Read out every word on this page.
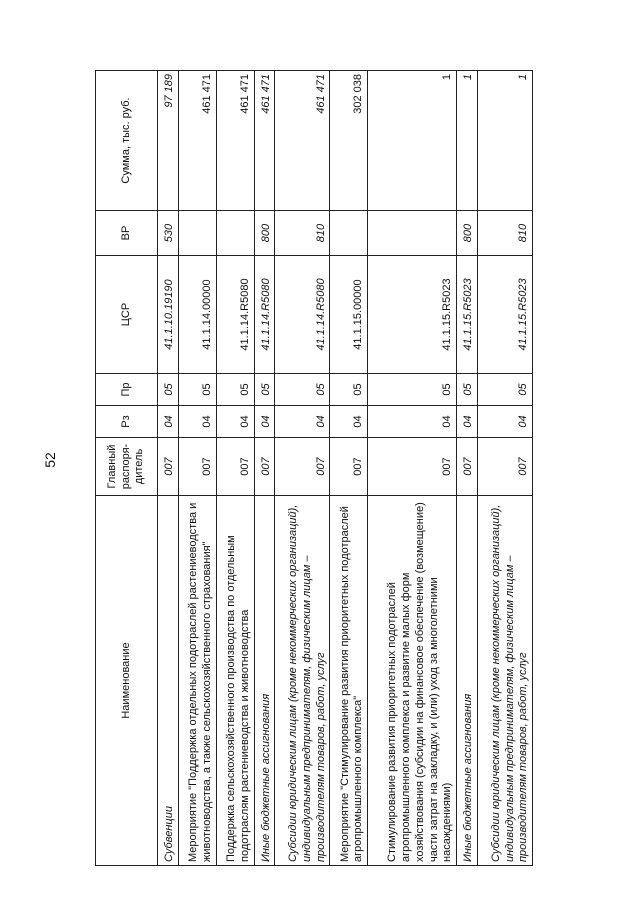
52
Наименование	Главный распоря-дитель	Рз	Пр	ЦСР	ВР	Сумма, тыс. руб.
Субвенции	007	04	05	41.1.10.19190	530	97 189
Мероприятие "Поддержка отдельных подотраслей растениеводства и животноводства, а также сельскохозяйственного страхования"	007	04	05	41.1.14.00000		461 471
Поддержка сельскохозяйственного производства по отдельным подотраслям растениеводства и животноводства	007	04	05	41.1.14.R5080		461 471
Иные бюджетные ассигнования	007	04	05	41.1.14.R5080	800	461 471
Субсидии юридическим лицам (кроме некоммерческих организаций), индивидуальным предпринимателям, физическим лицам – производителям товаров, работ, услуг	007	04	05	41.1.14.R5080	810	461 471
Мероприятие "Стимулирование развития приоритетных подотраслей агропромышленного комплекса"	007	04	05	41.1.15.00000		302 038
Стимулирование развития приоритетных подотраслей агропромышленного комплекса и развитие малых форм хозяйствования (субсидии на финансовое обеспечение (возмещение) части затрат на закладку, и (или) уход за многолетними насаждениями)	007	04	05	41.1.15.R5023		1
Иные бюджетные ассигнования	007	04	05	41.1.15.R5023	800	1
Субсидии юридическим лицам (кроме некоммерческих организаций), индивидуальным предпринимателям, физическим лицам – производителям товаров, работ, услуг	007	04	05	41.1.15.R5023	810	1
